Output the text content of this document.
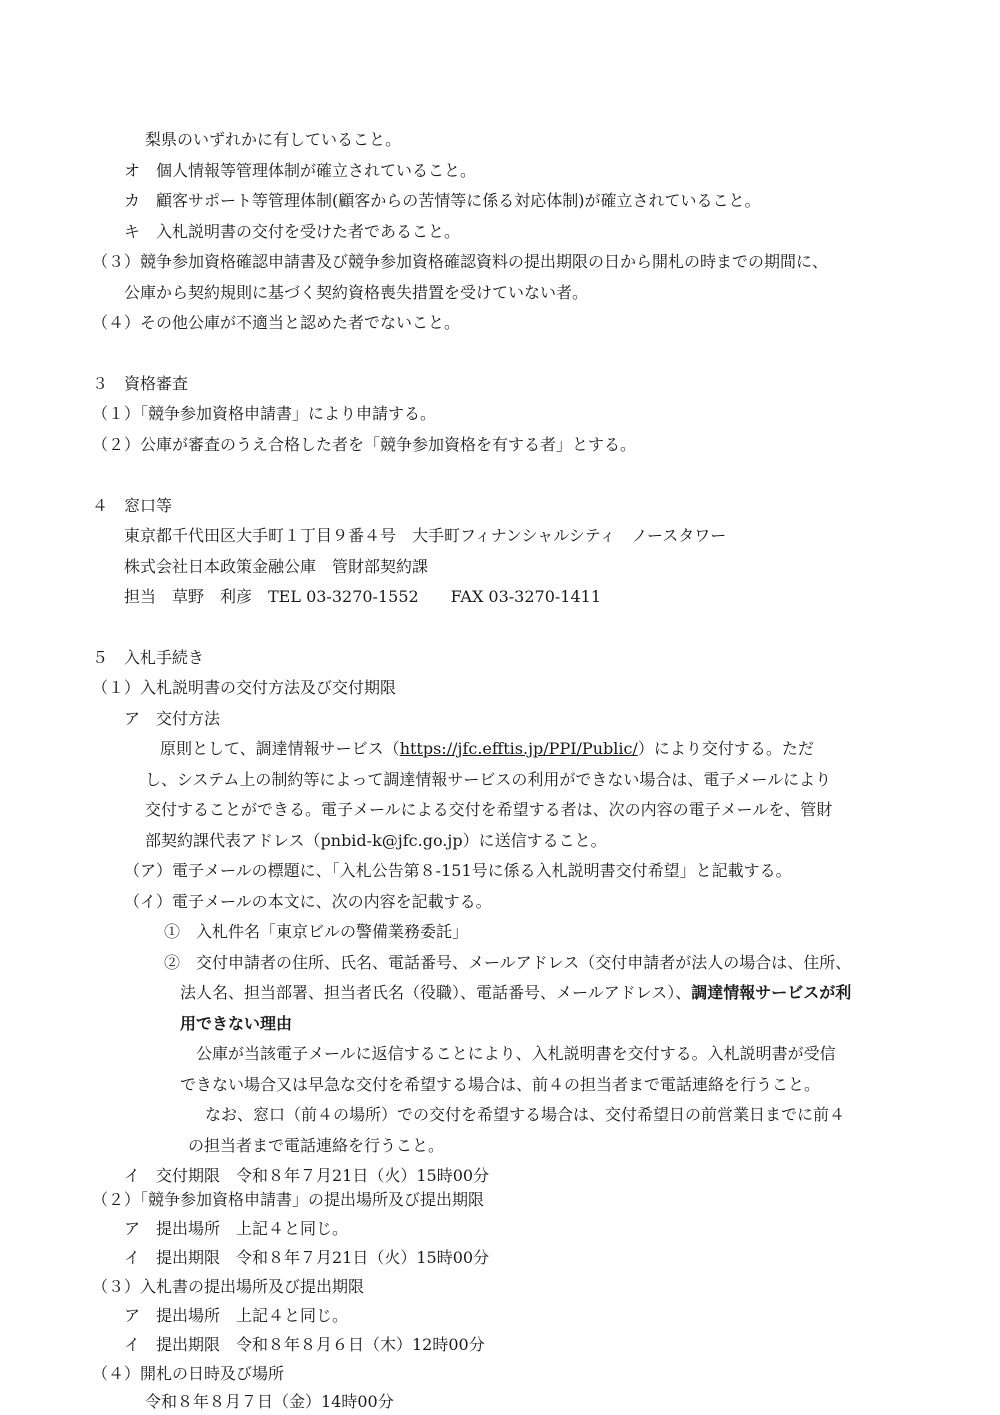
梨県のいずれかに有していること。
オ　個人情報等管理体制が確立されていること。
カ　顧客サポート等管理体制(顧客からの苦情等に係る対応体制)が確立されていること。
キ　入札説明書の交付を受けた者であること。
（３）競争参加資格確認申請書及び競争参加資格確認資料の提出期限の日から開札の時までの期間に、
公庫から契約規則に基づく契約資格喪失措置を受けていない者。
（４）その他公庫が不適当と認めた者でないこと。
３　資格審査
（１）「競争参加資格申請書」により申請する。
（２）公庫が審査のうえ合格した者を「競争参加資格を有する者」とする。
４　窓口等
東京都千代田区大手町１丁目９番４号　大手町フィナンシャルシティ　ノースタワー
株式会社日本政策金融公庫　管財部契約課
担当　草野　利彦　TEL 03-3270-1552　　FAX 03-3270-1411
５　入札手続き
（１）入札説明書の交付方法及び交付期限
ア　交付方法
原則として、調達情報サービス（https://jfc.efftis.jp/PPI/Public/）により交付する。ただ
し、システム上の制約等によって調達情報サービスの利用ができない場合は、電子メールにより
交付することができる。電子メールによる交付を希望する者は、次の内容の電子メールを、管財
部契約課代表アドレス（pnbid-k@jfc.go.jp）に送信すること。
（ア）電子メールの標題に、「入札公告第８-151号に係る入札説明書交付希望」と記載する。
（イ）電子メールの本文に、次の内容を記載する。
①　入札件名「東京ビルの警備業務委託」
②　交付申請者の住所、氏名、電話番号、メールアドレス（交付申請者が法人の場合は、住所、
法人名、担当部署、担当者氏名（役職）、電話番号、メールアドレス）、調達情報サービスが利
用できない理由
公庫が当該電子メールに返信することにより、入札説明書を交付する。入札説明書が受信
できない場合又は早急な交付を希望する場合は、前４の担当者まで電話連絡を行うこと。
なお、窓口（前４の場所）での交付を希望する場合は、交付希望日の前営業日までに前４
の担当者まで電話連絡を行うこと。
イ　交付期限　令和８年７月21日（火）15時00分
（２）「競争参加資格申請書」の提出場所及び提出期限
ア　提出場所　上記４と同じ。
イ　提出期限　令和８年７月21日（火）15時00分
（３）入札書の提出場所及び提出期限
ア　提出場所　上記４と同じ。
イ　提出期限　令和８年８月６日（木）12時00分
（４）開札の日時及び場所
令和８年８月７日（金）14時00分
